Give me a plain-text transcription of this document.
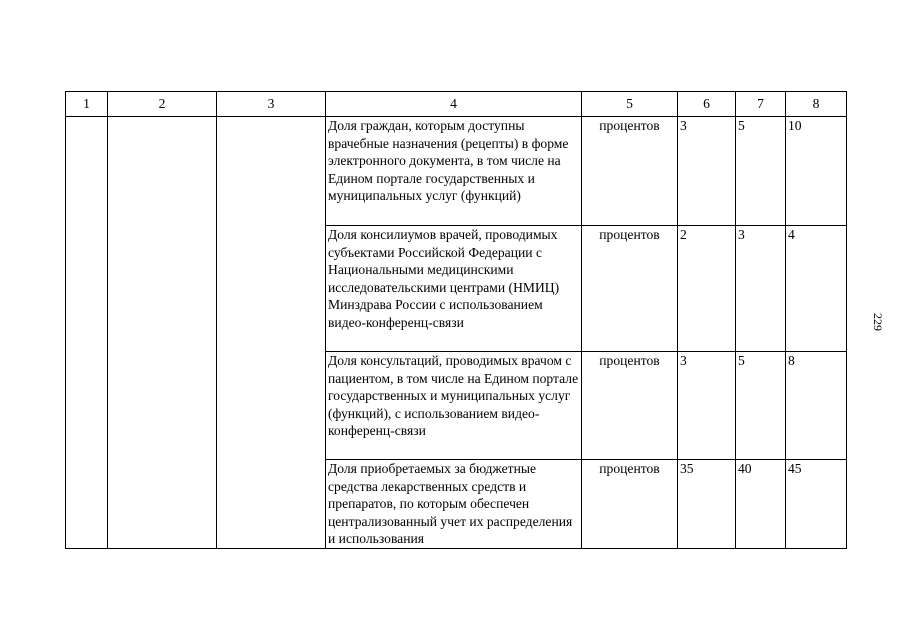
1	2	3	4	5	6	7	8
			Доля граждан, которым доступны врачебные назначения (рецепты) в форме электронного документа, в том числе на Едином портале государственных и муниципальных услуг (функций)	процентов	3	5	10
			Доля консилиумов врачей, проводимых субъектами Российской Федерации с Национальными медицинскими исследовательскими центрами (НМИЦ) Минздрава России с использованием видео-конференц-связи	процентов	2	3	4
			Доля консультаций, проводимых врачом с пациентом, в том числе на Едином портале государственных и муниципальных услуг (функций), с использованием видео-конференц-связи	процентов	3	5	8
			Доля приобретаемых за бюджетные средства лекарственных средств и препаратов, по которым обеспечен централизованный учет их распределения и использования	процентов	35	40	45
229
